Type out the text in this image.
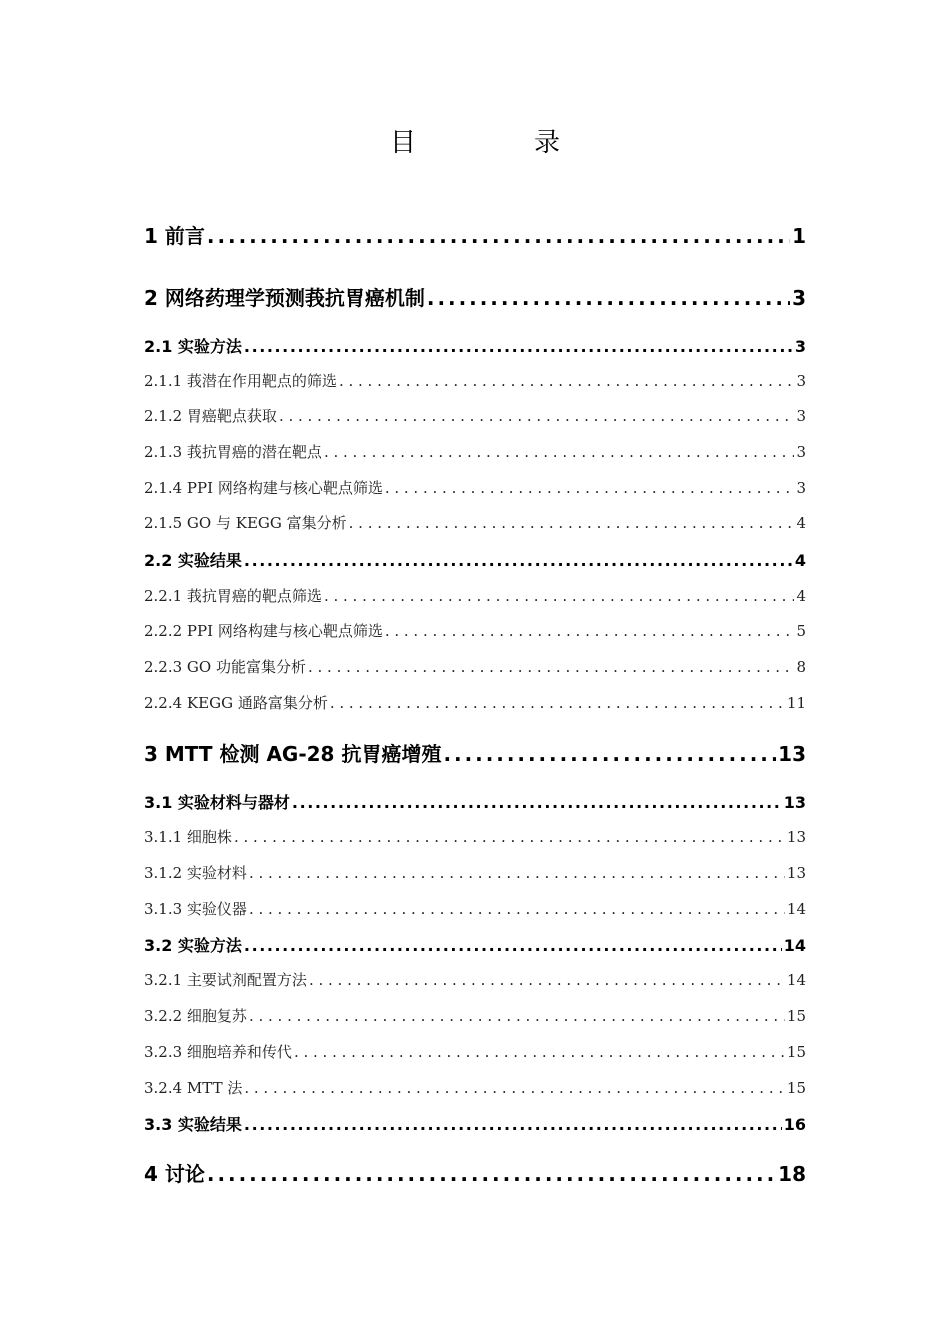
目　录
1 前言 . . .	1
2 网络药理学预测莪抗胃癌机制 . . .	3
2.1 实验方法 . . .	3
2.1.1 莪潜在作用靶点的筛选 . . .	3
2.1.2 胃癌靶点获取 . . .	3
2.1.3 莪抗胃癌的潜在靶点 . . .	3
2.1.4 PPI 网络构建与核心靶点筛选 . . .	3
2.1.5 GO 与 KEGG 富集分析 . . .	4
2.2 实验结果 . . .	4
2.2.1 莪抗胃癌的靶点筛选 . . .	4
2.2.2 PPI 网络构建与核心靶点筛选 . . .	5
2.2.3 GO 功能富集分析 . . .	8
2.2.4 KEGG 通路富集分析 . . .	11
3 MTT 检测 AG-28 抗胃癌增殖 . . .	13
3.1 实验材料与器材 . . .	13
3.1.1 细胞株 . . .	13
3.1.2 实验材料 . . .	13
3.1.3 实验仪器 . . .	14
3.2 实验方法 . . .	14
3.2.1 主要试剂配置方法 . . .	14
3.2.2 细胞复苏 . . .	15
3.2.3 细胞培养和传代 . . .	15
3.2.4 MTT 法 . . .	15
3.3 实验结果 . . .	16
4 讨论 . . .	18
